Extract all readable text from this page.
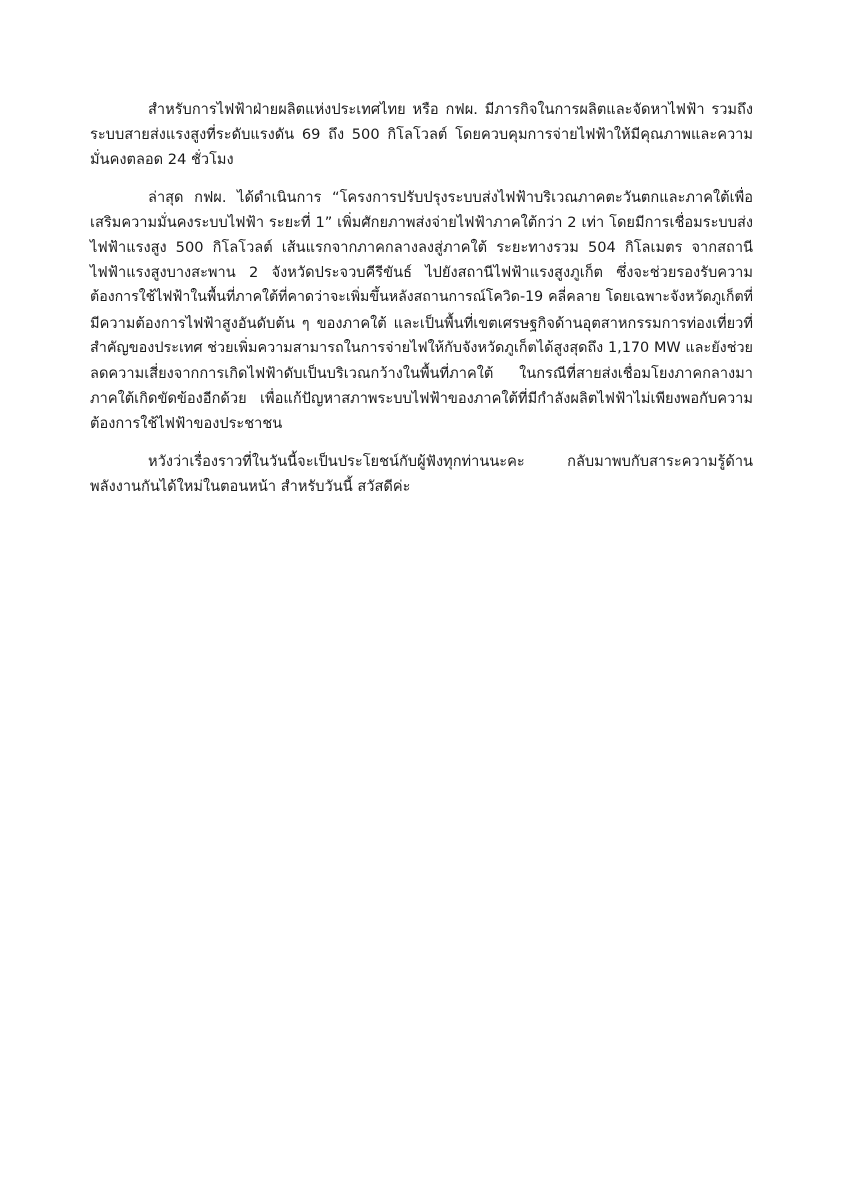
สำหรับการไฟฟ้าฝ่ายผลิตแห่งประเทศไทย หรือ กฟผ. มีภารกิจในการผลิตและจัดหาไฟฟ้า รวมถึง
ระบบสายส่งแรงสูงที่ระดับแรงดัน 69 ถึง 500 กิโลโวลต์ โดยควบคุมการจ่ายไฟฟ้าให้มีคุณภาพและความ
มั่นคงตลอด 24 ชั่วโมง

ล่าสุด กฟผ. ได้ดำเนินการ “โครงการปรับปรุงระบบส่งไฟฟ้าบริเวณภาคตะวันตกและภาคใต้เพื่อ
เสริมความมั่นคงระบบไฟฟ้า ระยะที่ 1” เพิ่มศักยภาพส่งจ่ายไฟฟ้าภาคใต้กว่า 2 เท่า โดยมีการเชื่อมระบบส่ง
ไฟฟ้าแรงสูง 500 กิโลโวลต์ เส้นแรกจากภาคกลางลงสู่ภาคใต้ ระยะทางรวม 504 กิโลเมตร จากสถานี
ไฟฟ้าแรงสูงบางสะพาน 2 จังหวัดประจวบคีรีขันธ์ ไปยังสถานีไฟฟ้าแรงสูงภูเก็ต ซึ่งจะช่วยรองรับความ
ต้องการใช้ไฟฟ้าในพื้นที่ภาคใต้ที่คาดว่าจะเพิ่มขึ้นหลังสถานการณ์โควิด-19 คลี่คลาย โดยเฉพาะจังหวัดภูเก็ตที่
มีความต้องการไฟฟ้าสูงอันดับต้น ๆ ของภาคใต้ และเป็นพื้นที่เขตเศรษฐกิจด้านอุตสาหกรรมการท่องเที่ยวที่
สำคัญของประเทศ ช่วยเพิ่มความสามารถในการจ่ายไฟให้กับจังหวัดภูเก็ตได้สูงสุดถึง 1,170 MW และยังช่วย
ลดความเสี่ยงจากการเกิดไฟฟ้าดับเป็นบริเวณกว้างในพื้นที่ภาคใต้ ในกรณีที่สายส่งเชื่อมโยงภาคกลางมา
ภาคใต้เกิดขัดข้องอีกด้วย เพื่อแก้ปัญหาสภาพระบบไฟฟ้าของภาคใต้ที่มีกำลังผลิตไฟฟ้าไม่เพียงพอกับความ
ต้องการใช้ไฟฟ้าของประชาชน

หวังว่าเรื่องราวที่ในวันนี้จะเป็นประโยชน์กับผู้ฟังทุกท่านนะคะ กลับมาพบกับสาระความรู้ด้าน
พลังงานกันได้ใหม่ในตอนหน้า สำหรับวันนี้ สวัสดีค่ะ
